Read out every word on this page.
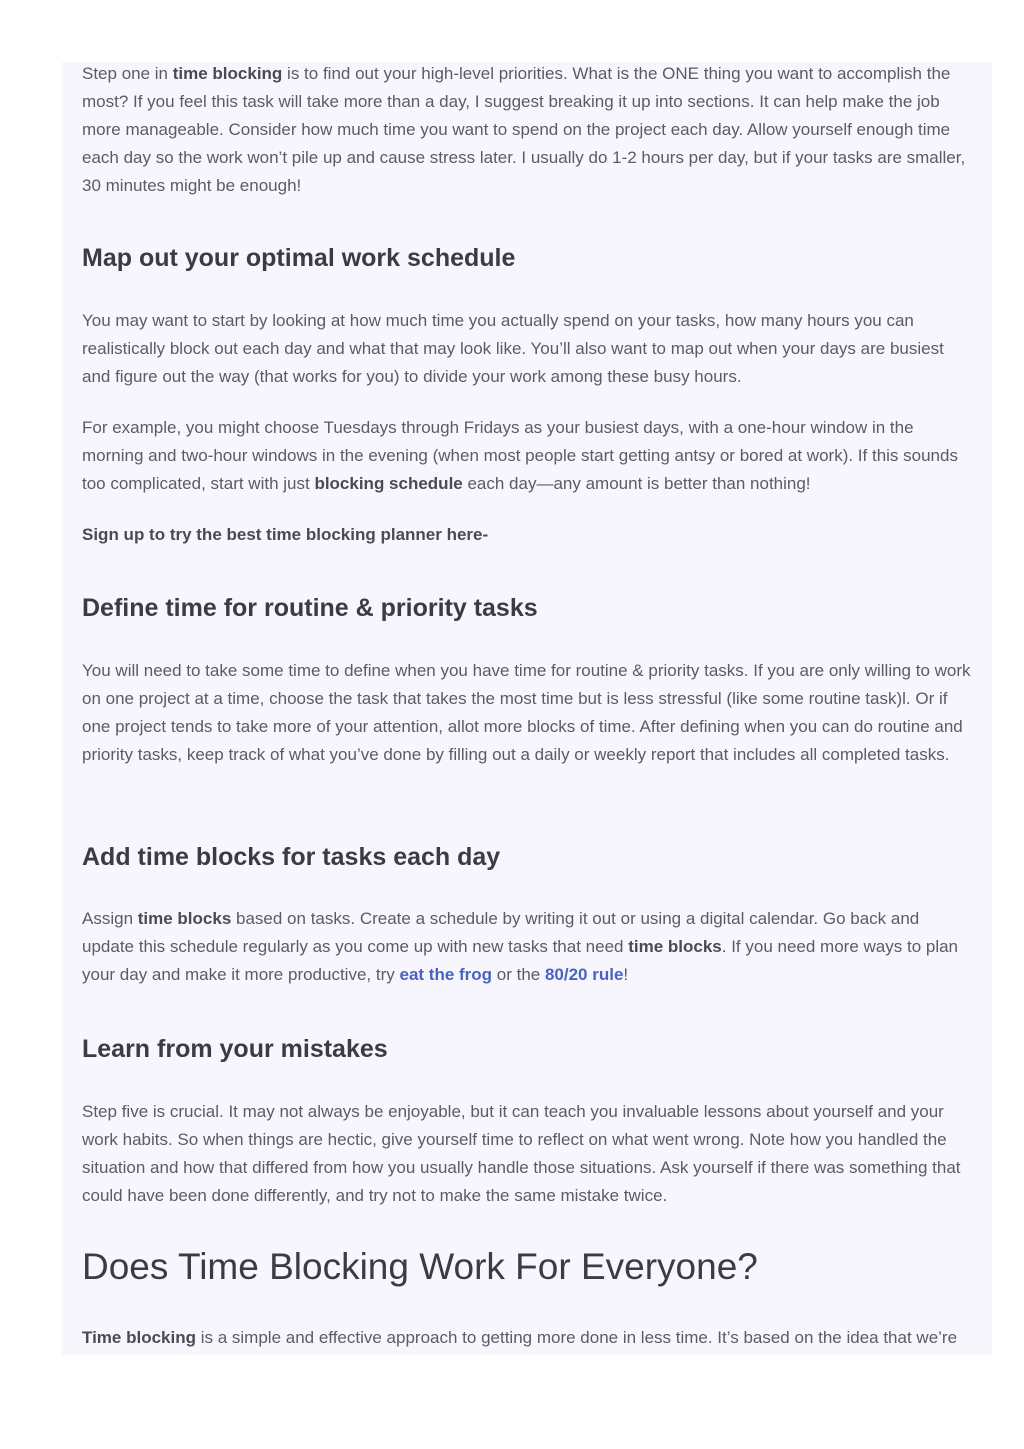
Step one in time blocking is to find out your high-level priorities. What is the ONE thing you want to accomplish the most? If you feel this task will take more than a day, I suggest breaking it up into sections. It can help make the job more manageable. Consider how much time you want to spend on the project each day. Allow yourself enough time each day so the work won’t pile up and cause stress later. I usually do 1-2 hours per day, but if your tasks are smaller, 30 minutes might be enough!

Map out your optimal work schedule

You may want to start by looking at how much time you actually spend on your tasks, how many hours you can realistically block out each day and what that may look like. You’ll also want to map out when your days are busiest and figure out the way (that works for you) to divide your work among these busy hours.

For example, you might choose Tuesdays through Fridays as your busiest days, with a one-hour window in the morning and two-hour windows in the evening (when most people start getting antsy or bored at work). If this sounds too complicated, start with just blocking schedule each day—any amount is better than nothing!

Sign up to try the best time blocking planner here-

Define time for routine & priority tasks

You will need to take some time to define when you have time for routine & priority tasks. If you are only willing to work on one project at a time, choose the task that takes the most time but is less stressful (like some routine task)l. Or if one project tends to take more of your attention, allot more blocks of time. After defining when you can do routine and priority tasks, keep track of what you’ve done by filling out a daily or weekly report that includes all completed tasks.

Add time blocks for tasks each day

Assign time blocks based on tasks. Create a schedule by writing it out or using a digital calendar. Go back and update this schedule regularly as you come up with new tasks that need time blocks. If you need more ways to plan your day and make it more productive, try eat the frog or the 80/20 rule!

Learn from your mistakes

Step five is crucial. It may not always be enjoyable, but it can teach you invaluable lessons about yourself and your work habits. So when things are hectic, give yourself time to reflect on what went wrong. Note how you handled the situation and how that differed from how you usually handle those situations. Ask yourself if there was something that could have been done differently, and try not to make the same mistake twice.

Does Time Blocking Work For Everyone?

Time blocking is a simple and effective approach to getting more done in less time. It’s based on the idea that we’re
